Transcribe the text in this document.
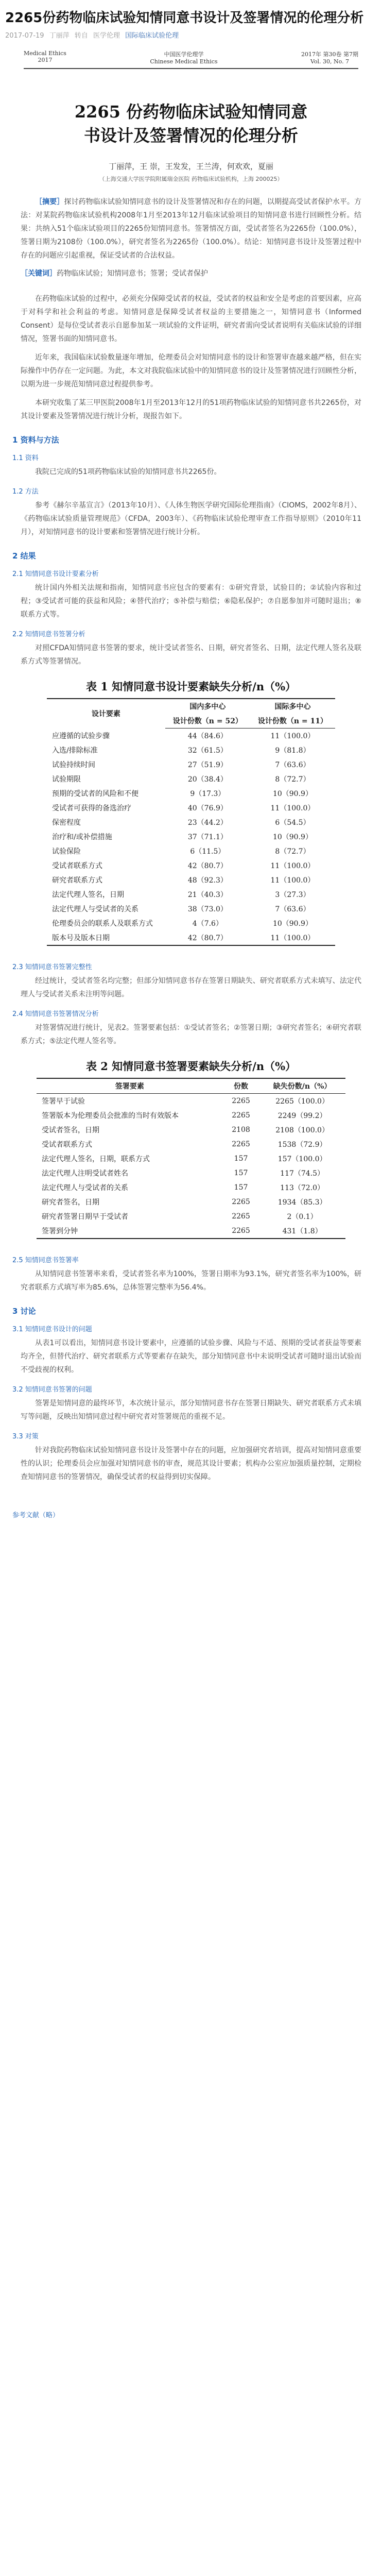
2265份药物临床试验知情同意书设计及签署情况的伦理分析
2017-07-19 丁丽萍 转自 医学伦理 国际临床试验伦理
Medical Ethics
2017
中国医学伦理学
Chinese Medical Ethics
2017年 第30卷 第7期
Vol. 30, No. 7
2265 份药物临床试验知情同意
书设计及签署情况的伦理分析
丁丽萍，王 崇，王发发，王兰涛，何欢欢，夏丽
（上海交通大学医学院附属瑞金医院 药物临床试验机构，上海 200025）

［摘要］探讨药物临床试验知情同意书的设计及签署情况和存在的问题，以期提高受试者保护水平。方法：对某院药物临床试验机构2008年1月至2013年12月临床试验项目的知情同意书进行回顾性分析。结果：共纳入51个临床试验项目的2265份知情同意书。签署情况方面，受试者签名为2265份（100.0%），签署日期为2108份（100.0%），研究者签名为2265份（100.0%）。结论：知情同意书设计及签署过程中存在的问题应引起重视，保证受试者的合法权益。

［关键词］药物临床试验；知情同意书；签署；受试者保护

在药物临床试验的过程中，必须充分保障受试者的权益，受试者的权益和安全是考虑的首要因素，应高于对科学和社会利益的考虑。知情同意是保障受试者权益的主要措施之一，知情同意书（Informed Consent）是每位受试者表示自愿参加某一项试验的文件证明，研究者需向受试者说明有关临床试验的详细情况，签署书面的知情同意书。

近年来，我国临床试验数量逐年增加，伦理委员会对知情同意书的设计和签署审查越来越严格，但在实际操作中仍存在一定问题。为此，本文对我院临床试验中的知情同意书的设计及签署情况进行回顾性分析，以期为进一步规范知情同意过程提供参考。

本研究收集了某三甲医院2008年1月至2013年12月的51项药物临床试验的知情同意书共2265份，对其设计要素及签署情况进行统计分析，现报告如下。

1 资料与方法
1.1 资料

我院已完成的51项药物临床试验的知情同意书共2265份。

1.2 方法

参考《赫尔辛基宣言》（2013年10月）、《人体生物医学研究国际伦理指南》（CIOMS，2002年8月）、《药物临床试验质量管理规范》（CFDA，2003年）、《药物临床试验伦理审查工作指导原则》（2010年11月），对知情同意书的设计要素和签署情况进行统计分析。

2 结果
2.1 知情同意书设计要素分析

统计国内外相关法规和指南，知情同意书应包含的要素有：①研究背景，试验目的；②试验内容和过程；③受试者可能的获益和风险；④替代治疗；⑤补偿与赔偿；⑥隐私保护；⑦自愿参加并可随时退出；⑧联系方式等。

2.2 知情同意书签署分析

对照CFDA知情同意书签署的要求，统计受试者签名、日期，研究者签名、日期，法定代理人签名及联系方式等签署情况。

表 1 知情同意书设计要素缺失分析/n（%）
设计要素	国内多中心	国际多中心
	设计份数（n = 52）	设计份数（n = 11）
应遵循的试验步骤	44（84.6）	11（100.0）
入选/排除标准	32（61.5）	9（81.8）
试验持续时间	27（51.9）	7（63.6）
试验期限	20（38.4）	8（72.7）
预期的受试者的风险和不便	9（17.3）	10（90.9）
受试者可获得的备选治疗	40（76.9）	11（100.0）
保密程度	23（44.2）	6（54.5）
治疗和/或补偿措施	37（71.1）	10（90.9）
试验保险	6（11.5）	8（72.7）
受试者联系方式	42（80.7）	11（100.0）
研究者联系方式	48（92.3）	11（100.0）
法定代理人签名，日期	21（40.3）	3（27.3）
法定代理人与受试者的关系	38（73.0）	7（63.6）
伦理委员会的联系人及联系方式	4（7.6）	10（90.9）
版本号及版本日期	42（80.7）	11（100.0）
2.3 知情同意书签署完整性

经过统计，受试者签名均完整；但部分知情同意书存在签署日期缺失、研究者联系方式未填写、法定代理人与受试者关系未注明等问题。

2.4 知情同意书签署情况分析

对签署情况进行统计，见表2。签署要素包括：①受试者签名；②签署日期；③研究者签名；④研究者联系方式；⑤法定代理人签名等。

表 2 知情同意书签署要素缺失分析/n（%）
签署要素	份数	缺失份数/n（%）
签署早于试验	2265	2265（100.0）
签署版本为伦理委员会批准的当时有效版本	2265	2249（99.2）
受试者签名，日期	2108	2108（100.0）
受试者联系方式	2265	1538（72.9）
法定代理人签名，日期，联系方式	157	157（100.0）
法定代理人注明受试者姓名	157	117（74.5）
法定代理人与受试者的关系	157	113（72.0）
研究者签名，日期	2265	1934（85.3）
研究者签署日期早于受试者	2265	2（0.1）
签署到分钟	2265	431（1.8）
2.5 知情同意书签署率

从知情同意书签署率来看，受试者签名率为100%，签署日期率为93.1%，研究者签名率为100%，研究者联系方式填写率为85.6%，总体签署完整率为56.4%。

3 讨论
3.1 知情同意书设计的问题

从表1可以看出，知情同意书设计要素中，应遵循的试验步骤、风险与不适、预期的受试者获益等要素均齐全，但替代治疗、研究者联系方式等要素存在缺失，部分知情同意书中未说明受试者可随时退出试验而不受歧视的权利。

3.2 知情同意书签署的问题

签署是知情同意的最终环节，本次统计显示，部分知情同意书存在签署日期缺失、研究者联系方式未填写等问题，反映出知情同意过程中研究者对签署规范的重视不足。

3.3 对策

针对我院药物临床试验知情同意书设计及签署中存在的问题，应加强研究者培训，提高对知情同意重要性的认识；伦理委员会应加强对知情同意书的审查，规范其设计要素；机构办公室应加强质量控制，定期检查知情同意书的签署情况，确保受试者的权益得到切实保障。

参考文献（略）
